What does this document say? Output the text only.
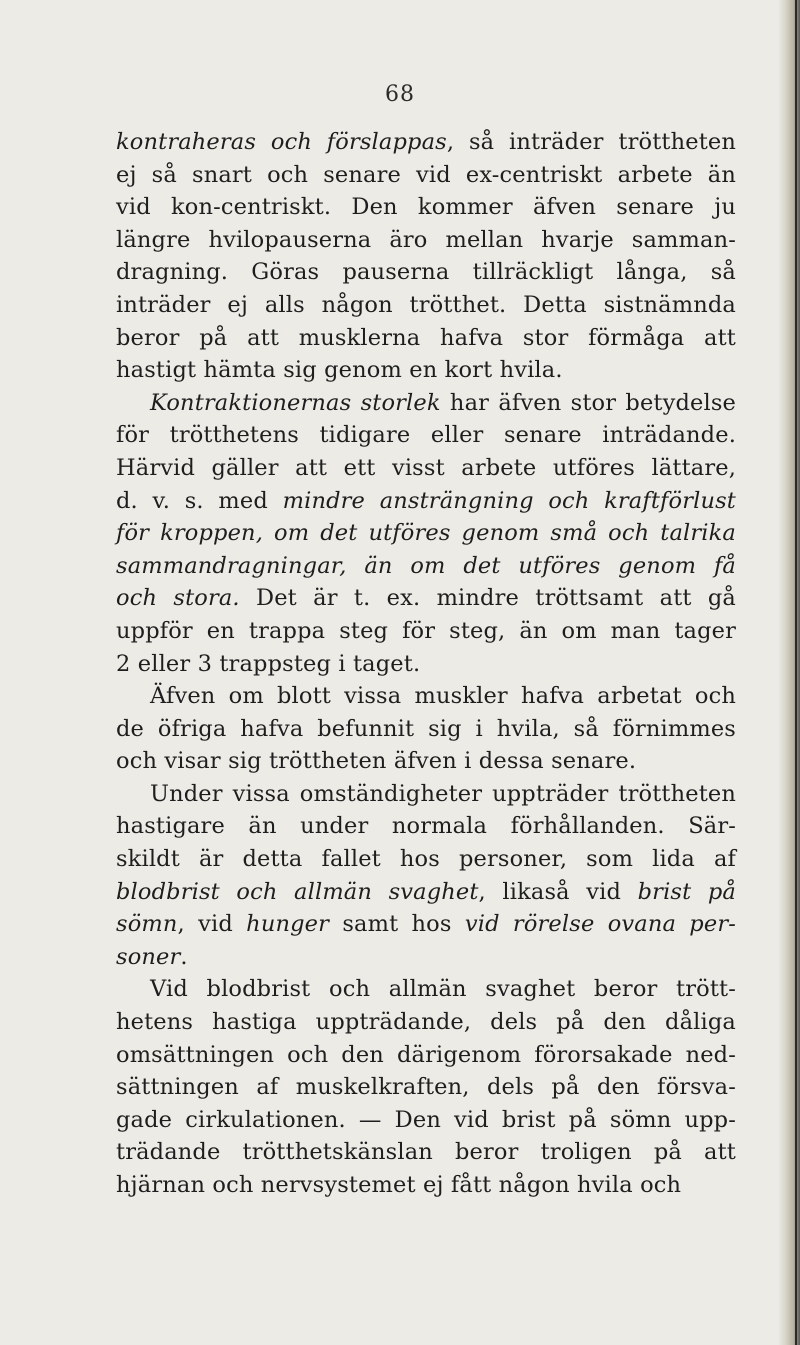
68
kontraheras och förslappas, så inträder tröttheten
ej så snart och senare vid ex-centriskt arbete än
vid kon-centriskt. Den kommer äfven senare ju
längre hvilopauserna äro mellan hvarje samman-
dragning. Göras pauserna tillräckligt långa, så
inträder ej alls någon trötthet. Detta sistnämnda
beror på att musklerna hafva stor förmåga att
hastigt hämta sig genom en kort hvila.
Kontraktionernas storlek har äfven stor betydelse
för trötthetens tidigare eller senare inträdande.
Härvid gäller att ett visst arbete utföres lättare,
d. v. s. med mindre ansträngning och kraftförlust
för kroppen, om det utföres genom små och talrika
sammandragningar, än om det utföres genom få
och stora. Det är t. ex. mindre tröttsamt att gå
uppför en trappa steg för steg, än om man tager
2 eller 3 trappsteg i taget.
Äfven om blott vissa muskler hafva arbetat och
de öfriga hafva befunnit sig i hvila, så förnimmes
och visar sig tröttheten äfven i dessa senare.
Under vissa omständigheter uppträder tröttheten
hastigare än under normala förhållanden. Sär-
skildt är detta fallet hos personer, som lida af
blodbrist och allmän svaghet, likaså vid brist på
sömn, vid hunger samt hos vid rörelse ovana per-
soner.
Vid blodbrist och allmän svaghet beror trött-
hetens hastiga uppträdande, dels på den dåliga
omsättningen och den därigenom förorsakade ned-
sättningen af muskelkraften, dels på den försva-
gade cirkulationen. — Den vid brist på sömn upp-
trädande trötthetskänslan beror troligen på att
hjärnan och nervsystemet ej fått någon hvila och
